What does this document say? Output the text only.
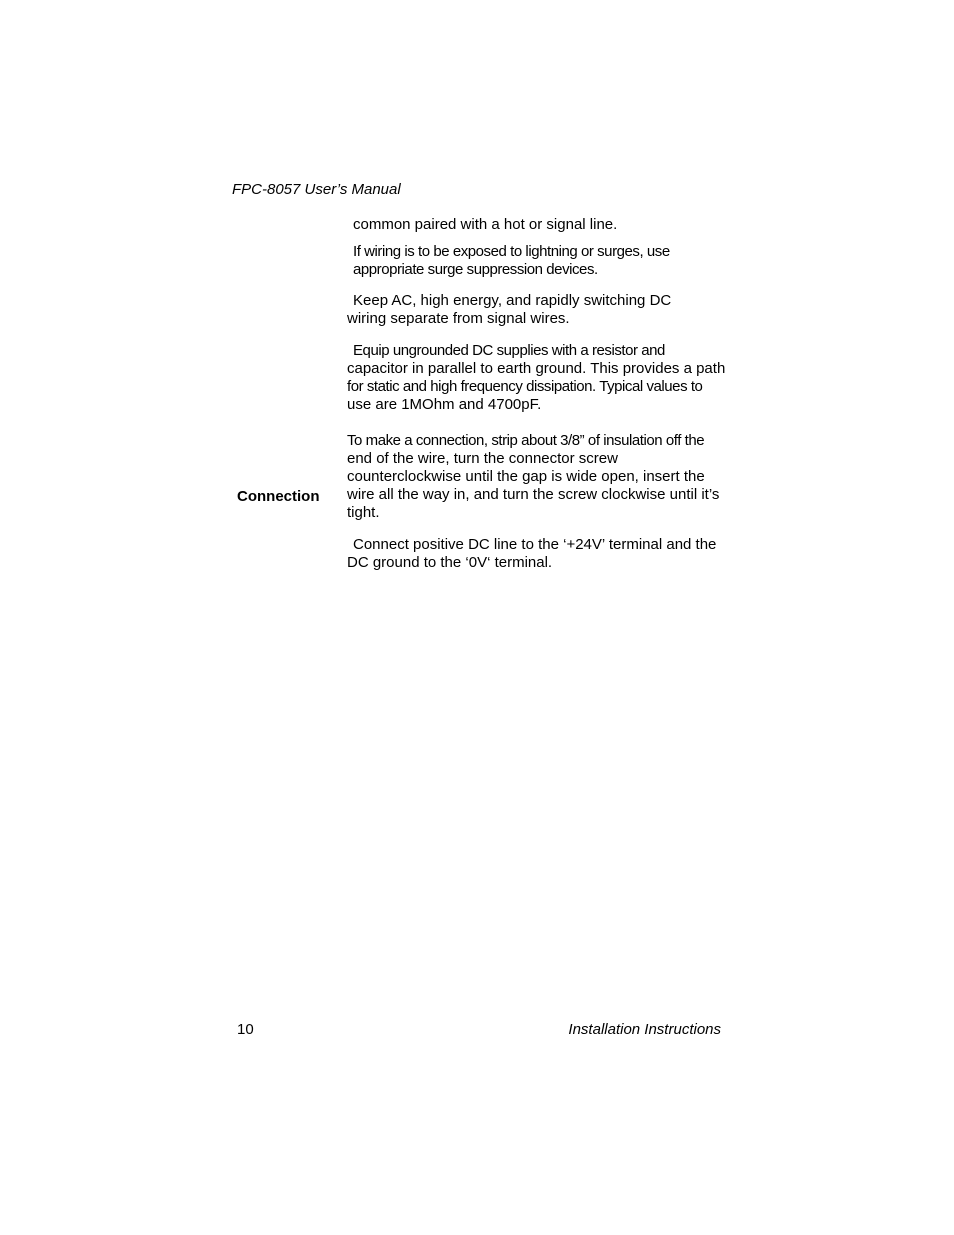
FPC-8057 User’s Manual

common paired with a hot or signal line.

If wiring is to be exposed to lightning or surges, use
appropriate surge suppression devices.

Keep AC, high energy, and rapidly switching DC
wiring separate from signal wires.

Equip ungrounded DC supplies with a resistor and
capacitor in parallel to earth ground. This provides a path
for static and high frequency dissipation. Typical values to
use are 1MOhm and 4700pF.

Connection

To make a connection, strip about 3/8” of insulation off the
end of the wire, turn the connector screw
counterclockwise until the gap is wide open, insert the
wire all the way in, and turn the screw clockwise until it’s
tight.

Connect positive DC line to the ‘+24V’ terminal and the
DC ground to the ‘0V‘ terminal.

10	Installation Instructions
